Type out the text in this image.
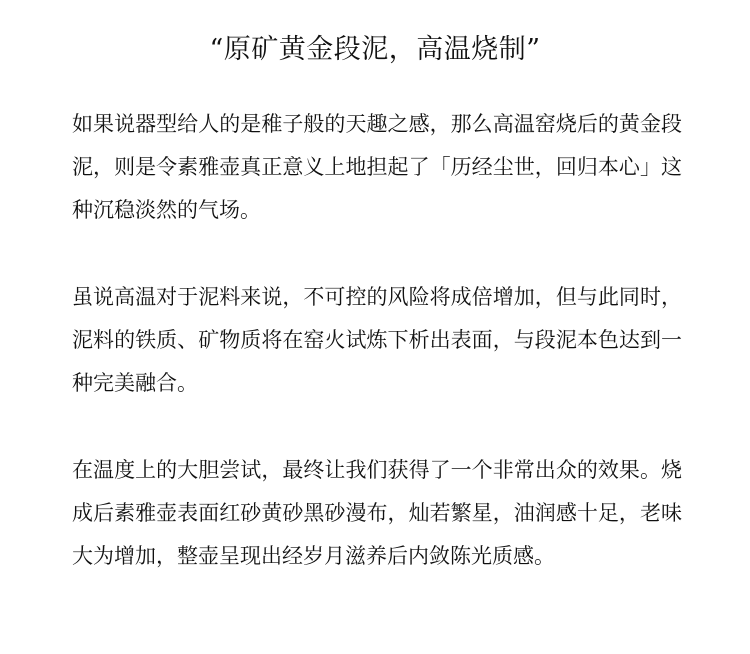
“原矿黄金段泥，高温烧制”

如果说器型给人的是稚子般的天趣之感，那么高温窑烧后的黄金段泥，则是令素雅壶真正意义上地担起了「历经尘世，回归本心」这种沉稳淡然的气场。

虽说高温对于泥料来说，不可控的风险将成倍增加，但与此同时，泥料的铁质、矿物质将在窑火试炼下析出表面，与段泥本色达到一种完美融合。

在温度上的大胆尝试，最终让我们获得了一个非常出众的效果。烧成后素雅壶表面红砂黄砂黑砂漫布，灿若繁星，油润感十足，老味大为增加，整壶呈现出经岁月滋养后内敛陈光质感。
